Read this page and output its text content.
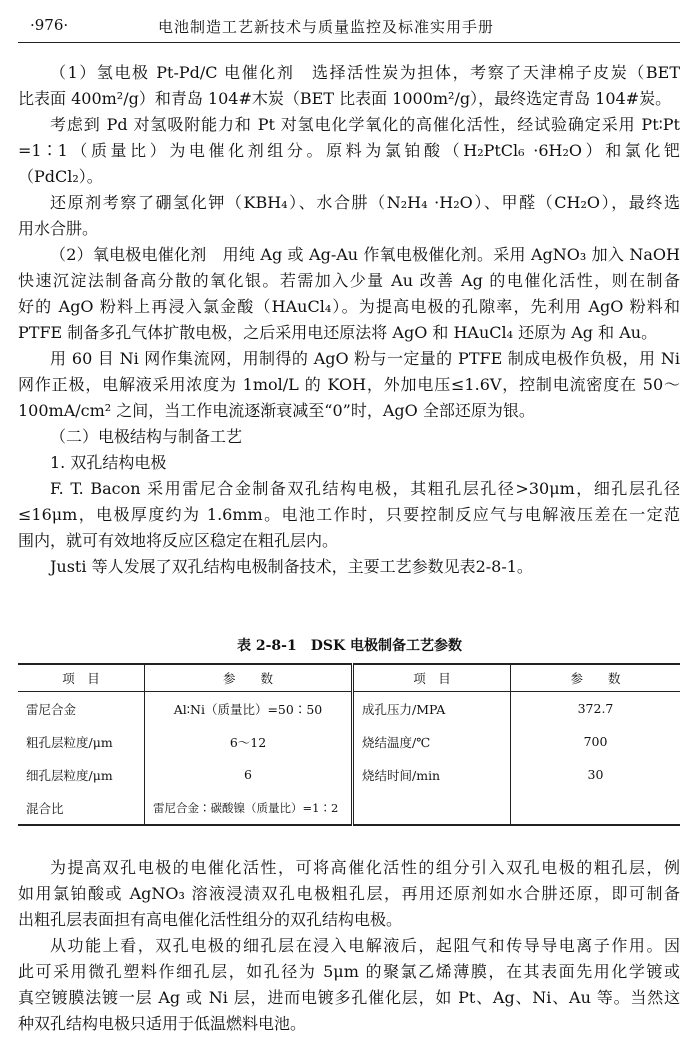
·976·	电池制造工艺新技术与质量监控及标准实用手册
（1）氢电极 Pt-Pd/C 电催化剂　选择活性炭为担体，考察了天津棉子皮炭（BET
比表面 400m²/g）和青岛 104#木炭（BET 比表面 1000m²/g），最终选定青岛 104#炭。
考虑到 Pd 对氢吸附能力和 Pt 对氢电化学氧化的高催化活性，经试验确定采用 Pt∶Pt
=1∶1（质量比）为电催化剂组分。原料为氯铂酸（H₂PtCl₆ ·6H₂O）和氯化钯
（PdCl₂）。
还原剂考察了硼氢化钾（KBH₄）、水合肼（N₂H₄ ·H₂O）、甲醛（CH₂O），最终选
用水合肼。
（2）氧电极电催化剂　用纯 Ag 或 Ag-Au 作氧电极催化剂。采用 AgNO₃ 加入 NaOH
快速沉淀法制备高分散的氧化银。若需加入少量 Au 改善 Ag 的电催化活性，则在制备
好的 AgO 粉料上再浸入氯金酸（HAuCl₄）。为提高电极的孔隙率，先利用 AgO 粉料和
PTFE 制备多孔气体扩散电极，之后采用电还原法将 AgO 和 HAuCl₄ 还原为 Ag 和 Au。
用 60 目 Ni 网作集流网，用制得的 AgO 粉与一定量的 PTFE 制成电极作负极，用 Ni
网作正极，电解液采用浓度为 1mol/L 的 KOH，外加电压≤1.6V，控制电流密度在 50～
100mA/cm² 之间，当工作电流逐渐衰减至“0”时，AgO 全部还原为银。
（二）电极结构与制备工艺
1. 双孔结构电极
F. T. Bacon 采用雷尼合金制备双孔结构电极，其粗孔层孔径>30μm，细孔层孔径
≤16μm，电极厚度约为 1.6mm。电池工作时，只要控制反应气与电解液压差在一定范
围内，就可有效地将反应区稳定在粗孔层内。
Justi 等人发展了双孔结构电极制备技术，主要工艺参数见表2-8-1。
表 2-8-1　DSK 电极制备工艺参数
项　目	参　　数	项　目	参　　数
雷尼合金	Al∶Ni（质量比）=50∶50	成孔压力/MPA	372.7
粗孔层粒度/μm	6～12	烧结温度/℃	700
细孔层粒度/μm	6	烧结时间/min	30
混合比	雷尼合金∶碳酸镍（质量比）=1∶2		
为提高双孔电极的电催化活性，可将高催化活性的组分引入双孔电极的粗孔层，例
如用氯铂酸或 AgNO₃ 溶液浸渍双孔电极粗孔层，再用还原剂如水合肼还原，即可制备
出粗孔层表面担有高电催化活性组分的双孔结构电极。
从功能上看，双孔电极的细孔层在浸入电解液后，起阻气和传导导电离子作用。因
此可采用微孔塑料作细孔层，如孔径为 5μm 的聚氯乙烯薄膜，在其表面先用化学镀或
真空镀膜法镀一层 Ag 或 Ni 层，进而电镀多孔催化层，如 Pt、Ag、Ni、Au 等。当然这
种双孔结构电极只适用于低温燃料电池。
